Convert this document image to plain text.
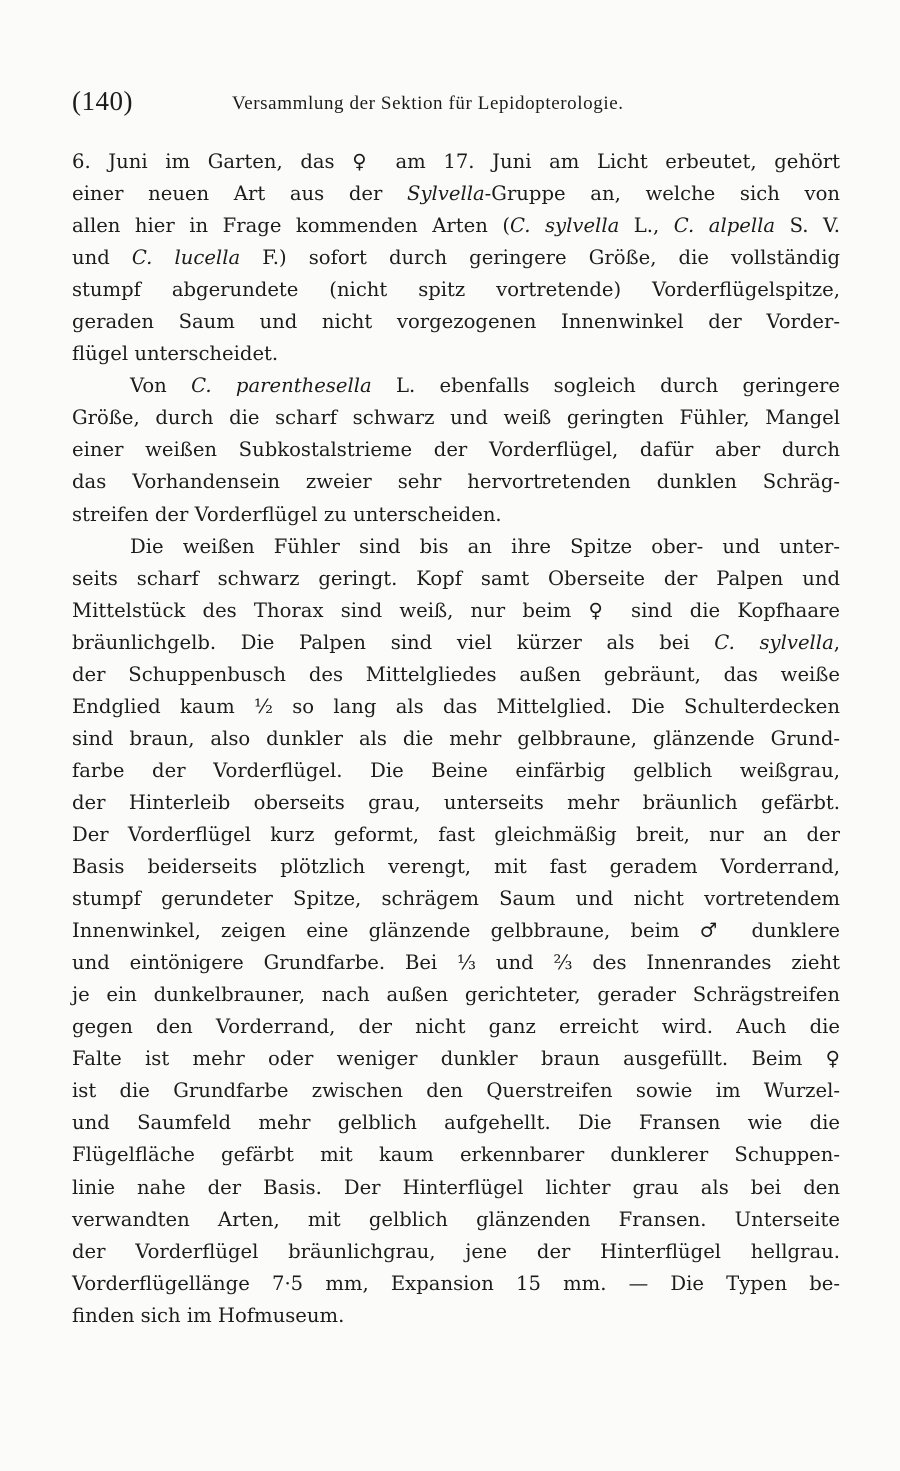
(140)	Versammlung der Sektion für Lepidopterologie.
6. Juni im Garten, das ♀ am 17. Juni am Licht erbeutet, gehört
einer neuen Art aus der Sylvella-Gruppe an, welche sich von
allen hier in Frage kommenden Arten (C. sylvella L., C. alpella S. V.
und C. lucella F.) sofort durch geringere Größe, die vollständig
stumpf abgerundete (nicht spitz vortretende) Vorderflügelspitze,
geraden Saum und nicht vorgezogenen Innenwinkel der Vorder-
flügel unterscheidet.
Von C. parenthesella L. ebenfalls sogleich durch geringere
Größe, durch die scharf schwarz und weiß geringten Fühler, Mangel
einer weißen Subkostalstrieme der Vorderflügel, dafür aber durch
das Vorhandensein zweier sehr hervortretenden dunklen Schräg-
streifen der Vorderflügel zu unterscheiden.
Die weißen Fühler sind bis an ihre Spitze ober- und unter-
seits scharf schwarz geringt. Kopf samt Oberseite der Palpen und
Mittelstück des Thorax sind weiß, nur beim ♀ sind die Kopfhaare
bräunlichgelb. Die Palpen sind viel kürzer als bei C. sylvella,
der Schuppenbusch des Mittelgliedes außen gebräunt, das weiße
Endglied kaum ½ so lang als das Mittelglied. Die Schulterdecken
sind braun, also dunkler als die mehr gelbbraune, glänzende Grund-
farbe der Vorderflügel. Die Beine einfärbig gelblich weißgrau,
der Hinterleib oberseits grau, unterseits mehr bräunlich gefärbt.
Der Vorderflügel kurz geformt, fast gleichmäßig breit, nur an der
Basis beiderseits plötzlich verengt, mit fast geradem Vorderrand,
stumpf gerundeter Spitze, schrägem Saum und nicht vortretendem
Innenwinkel, zeigen eine glänzende gelbbraune, beim ♂ dunklere
und eintönigere Grundfarbe. Bei ⅓ und ⅔ des Innenrandes zieht
je ein dunkelbrauner, nach außen gerichteter, gerader Schrägstreifen
gegen den Vorderrand, der nicht ganz erreicht wird. Auch die
Falte ist mehr oder weniger dunkler braun ausgefüllt. Beim ♀
ist die Grundfarbe zwischen den Querstreifen sowie im Wurzel-
und Saumfeld mehr gelblich aufgehellt. Die Fransen wie die
Flügelfläche gefärbt mit kaum erkennbarer dunklerer Schuppen-
linie nahe der Basis. Der Hinterflügel lichter grau als bei den
verwandten Arten, mit gelblich glänzenden Fransen. Unterseite
der Vorderflügel bräunlichgrau, jene der Hinterflügel hellgrau.
Vorderflügellänge 7·5 mm, Expansion 15 mm. — Die Typen be-
finden sich im Hofmuseum.
